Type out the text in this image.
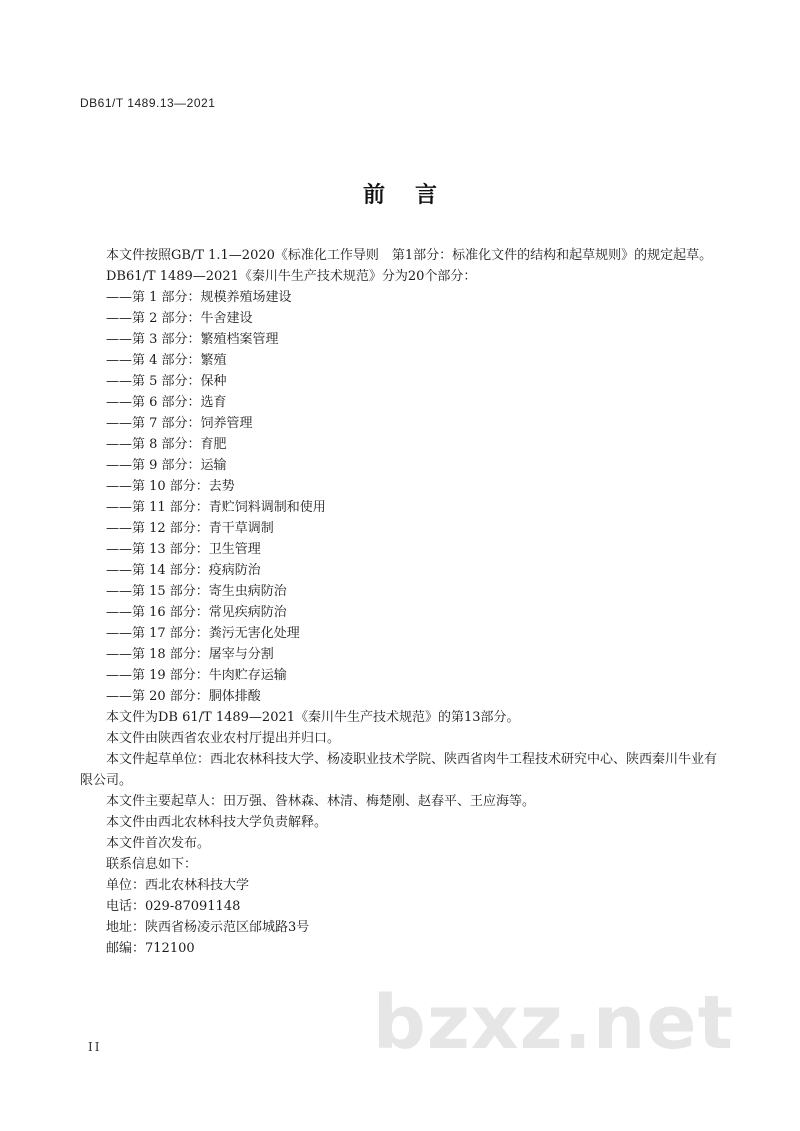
DB61/T 1489.13—2021
前言

本文件按照GB/T 1.1—2020《标准化工作导则　第1部分：标准化文件的结构和起草规则》的规定起草。

DB61/T 1489—2021《秦川牛生产技术规范》分为20个部分：

——第 1 部分：规模养殖场建设
——第 2 部分：牛舍建设
——第 3 部分：繁殖档案管理
——第 4 部分：繁殖
——第 5 部分：保种
——第 6 部分：选育
——第 7 部分：饲养管理
——第 8 部分：育肥
——第 9 部分：运输
——第 10 部分：去势
——第 11 部分：青贮饲料调制和使用
——第 12 部分：青干草调制
——第 13 部分：卫生管理
——第 14 部分：疫病防治
——第 15 部分：寄生虫病防治
——第 16 部分：常见疾病防治
——第 17 部分：粪污无害化处理
——第 18 部分：屠宰与分割
——第 19 部分：牛肉贮存运输
——第 20 部分：胴体排酸

本文件为DB 61/T 1489—2021《秦川牛生产技术规范》的第13部分。

本文件由陕西省农业农村厅提出并归口。

本文件起草单位：西北农林科技大学、杨凌职业技术学院、陕西省肉牛工程技术研究中心、陕西秦川牛业有限公司。

本文件主要起草人：田万强、昝林森、林清、梅楚刚、赵春平、王应海等。

本文件由西北农林科技大学负责解释。

本文件首次发布。

联系信息如下：

单位：西北农林科技大学

电话：029-87091148

地址：陕西省杨凌示范区邰城路3号

邮编：712100

bzxz.net
II
